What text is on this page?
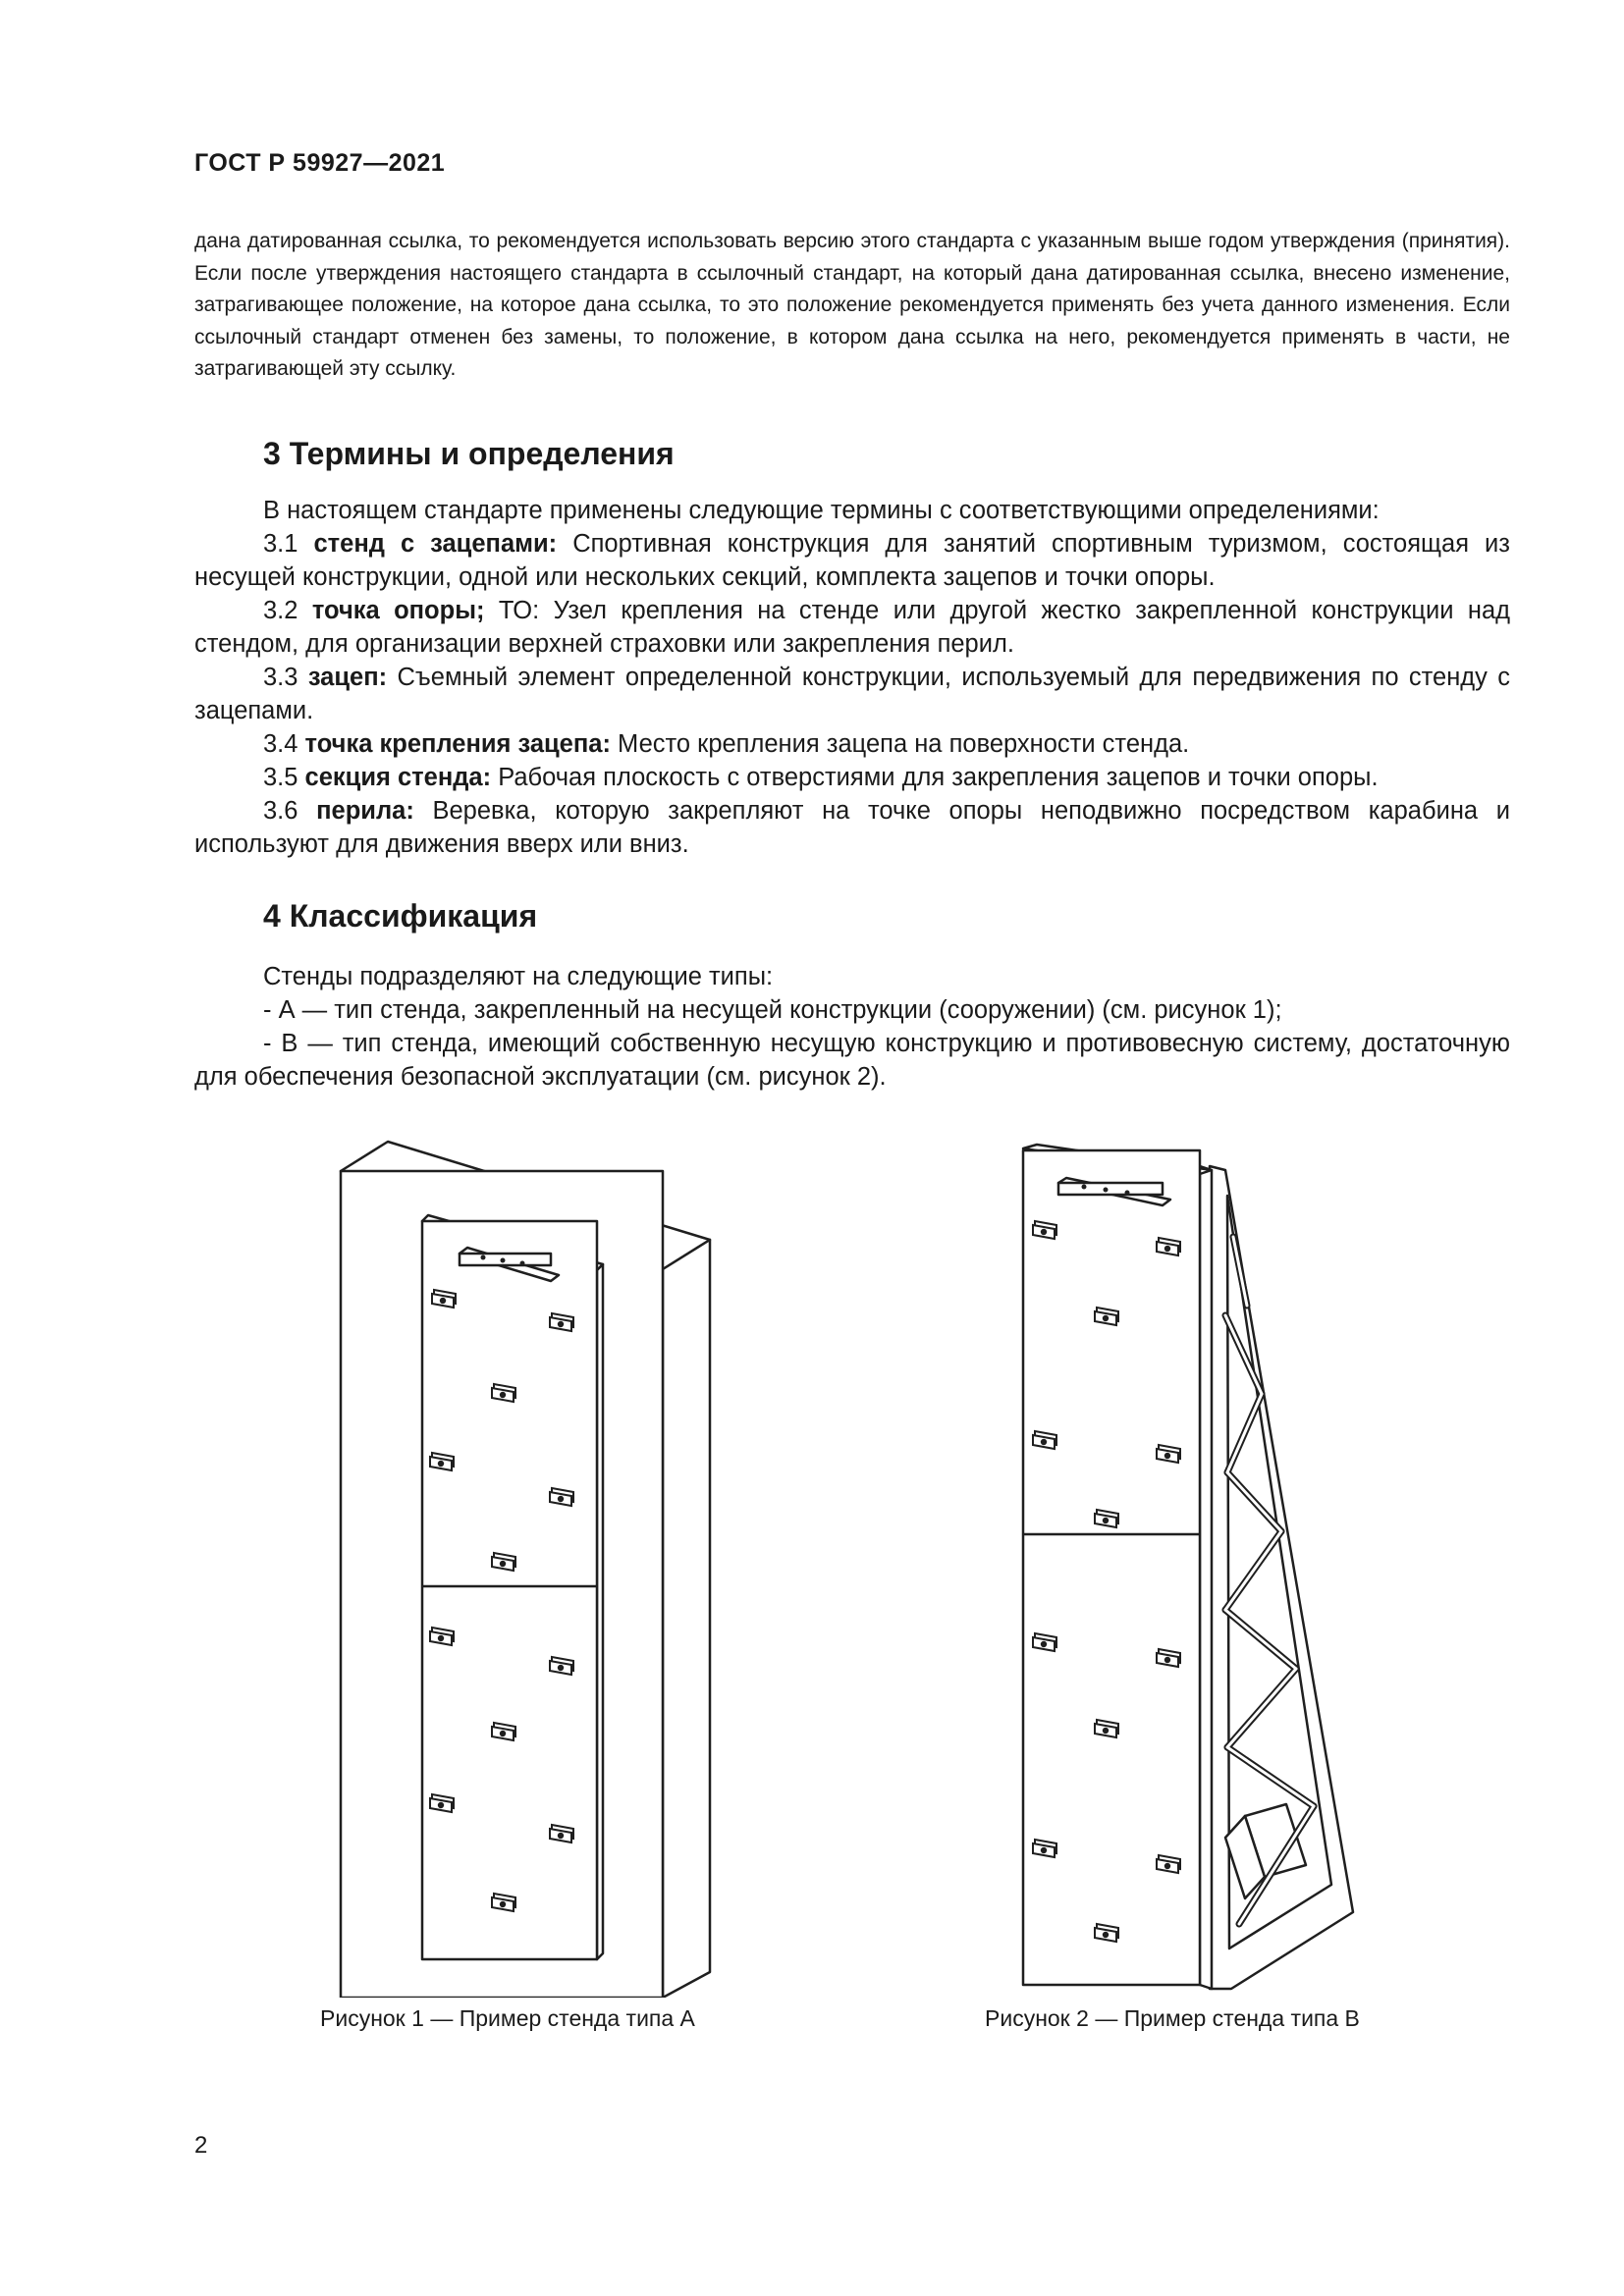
ГОСТ Р 59927—2021
дана датированная ссылка, то рекомендуется использовать версию этого стандарта с указанным выше годом утверждения (принятия). Если после утверждения настоящего стандарта в ссылочный стандарт, на который дана датированная ссылка, внесено изменение, затрагивающее положение, на которое дана ссылка, то это положение рекомендуется применять без учета данного изменения. Если ссылочный стандарт отменен без замены, то положение, в котором дана ссылка на него, рекомендуется применять в части, не затрагивающей эту ссылку.
3 Термины и определения

В настоящем стандарте применены следующие термины с соответствующими определениями:

3.1 стенд с зацепами: Спортивная конструкция для занятий спортивным туризмом, состоящая из несущей конструкции, одной или нескольких секций, комплекта зацепов и точки опоры.

3.2 точка опоры; ТО: Узел крепления на стенде или другой жестко закрепленной конструкции над стендом, для организации верхней страховки или закрепления перил.

3.3 зацеп: Съемный элемент определенной конструкции, используемый для передвижения по стенду с зацепами.

3.4 точка крепления зацепа: Место крепления зацепа на поверхности стенда.

3.5 секция стенда: Рабочая плоскость с отверстиями для закрепления зацепов и точки опоры.

3.6 перила: Веревка, которую закрепляют на точке опоры неподвижно посредством карабина и используют для движения вверх или вниз.

4 Классификация

Стенды подразделяют на следующие типы:

- А — тип стенда, закрепленный на несущей конструкции (сооружении) (см. рисунок 1);

- В — тип стенда, имеющий собственную несущую конструкцию и противовесную систему, достаточную для обеспечения безопасной эксплуатации (см. рисунок 2).

Рисунок 1 — Пример стенда типа А	Рисунок 2 — Пример стенда типа В
2
